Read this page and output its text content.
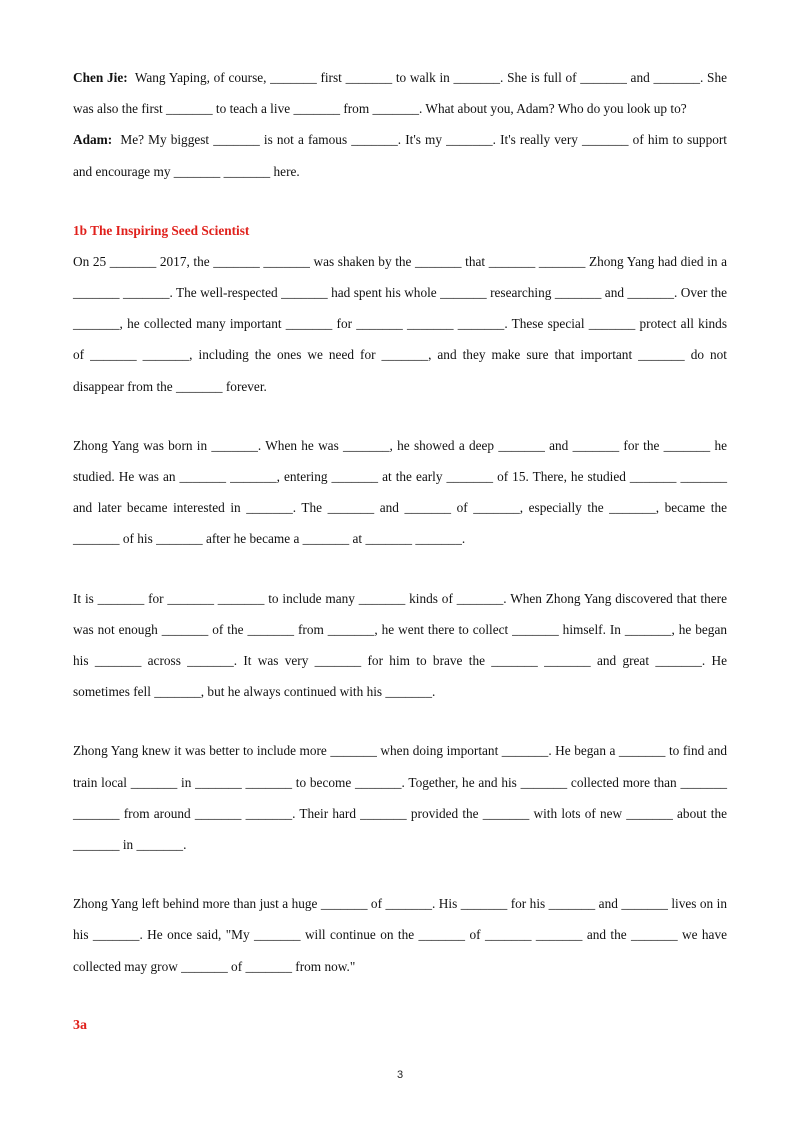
Chen Jie: Wang Yaping, of course, _______ first _______ to walk in _______. She is full of _______ and _______. She was also the first _______ to teach a live _______ from _______. What about you, Adam? Who do you look up to?

Adam: Me? My biggest _______ is not a famous _______. It's my _______. It's really very _______ of him to support and encourage my _______ _______ here.

1b The Inspiring Seed Scientist

On 25 _______ 2017, the _______ _______ was shaken by the _______ that _______ _______ Zhong Yang had died in a _______ _______. The well-respected _______ had spent his whole _______ researching _______ and _______. Over the _______, he collected many important _______ for _______ _______ _______. These special _______ protect all kinds of _______ _______, including the ones we need for _______, and they make sure that important _______ do not disappear from the _______ forever.

Zhong Yang was born in _______. When he was _______, he showed a deep _______ and _______ for the _______ he studied. He was an _______ _______, entering _______ at the early _______ of 15. There, he studied _______ _______ and later became interested in _______. The _______ and _______ of _______, especially the _______, became the _______ of his _______ after he became a _______ at _______ _______.

It is _______ for _______ _______ to include many _______ kinds of _______. When Zhong Yang discovered that there was not enough _______ of the _______ from _______, he went there to collect _______ himself. In _______, he began his _______ across _______. It was very _______ for him to brave the _______ _______ and great _______. He sometimes fell _______, but he always continued with his _______.

Zhong Yang knew it was better to include more _______ when doing important _______. He began a _______ to find and train local _______ in _______ _______ to become _______. Together, he and his _______ collected more than _______ _______ from around _______ _______. Their hard _______ provided the _______ with lots of new _______ about the _______ in _______.

Zhong Yang left behind more than just a huge _______ of _______. His _______ for his _______ and _______ lives on in his _______. He once said, "My _______ will continue on the _______ of _______ _______ and the _______ we have collected may grow _______ of _______ from now."

3a
3
